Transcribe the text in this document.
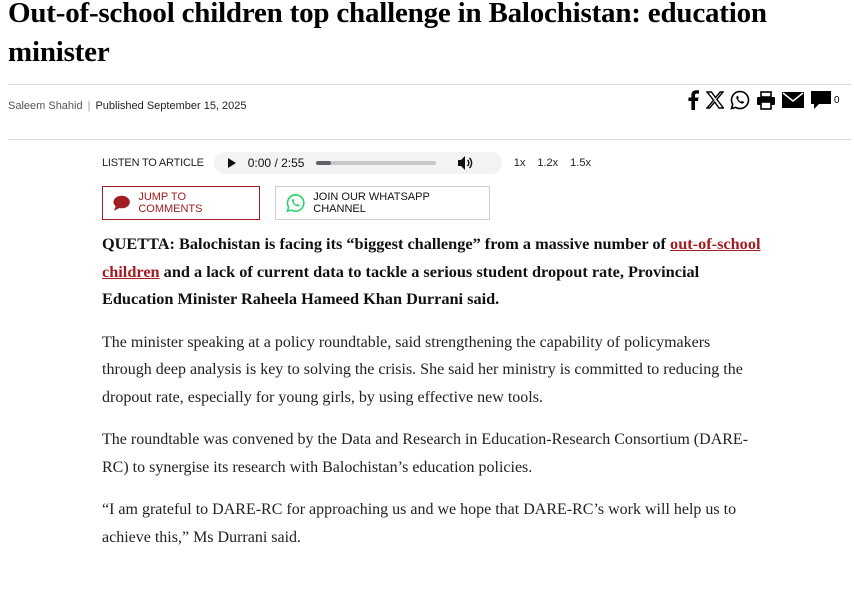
Out-of-school children top challenge in Balochistan: education minister
Saleem Shahid | Published September 15, 2025	0
LISTEN TO ARTICLE	0:00 / 2:55	1x 1.2x 1.5x
JUMP TO COMMENTS
JOIN OUR WHATSAPP CHANNEL

QUETTA: Balochistan is facing its “biggest challenge” from a massive number of out-of-school children and a lack of current data to tackle a serious student dropout rate, Provincial Education Minister Raheela Hameed Khan Durrani said.

The minister speaking at a policy roundtable, said strengthening the capability of policymakers through deep analysis is key to solving the crisis. She said her ministry is committed to reducing the dropout rate, especially for young girls, by using effective new tools.

The roundtable was convened by the Data and Research in Education-Research Consortium (DARE-RC) to synergise its research with Balochistan’s education policies.

“I am grateful to DARE-RC for approaching us and we hope that DARE-RC’s work will help us to achieve this,” Ms Durrani said.
